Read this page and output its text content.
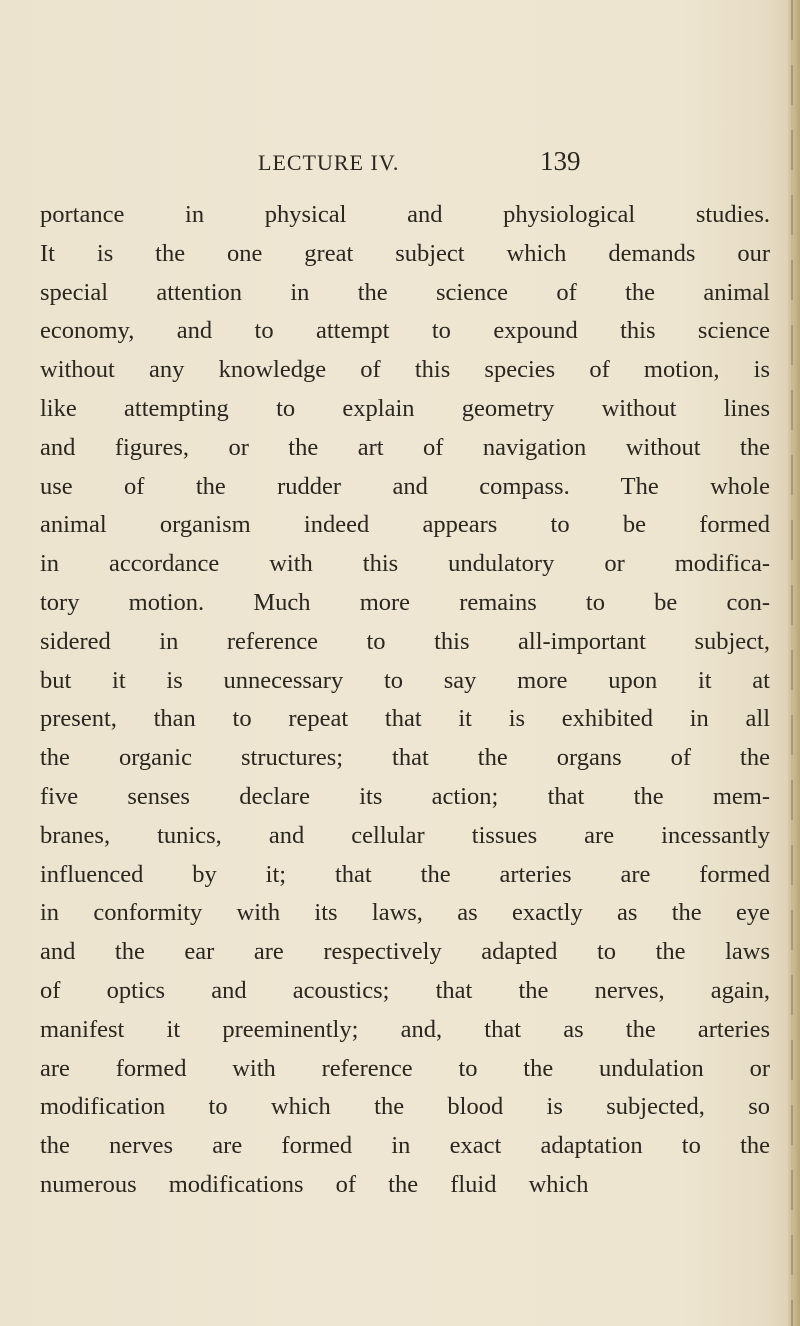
LECTURE IV.	139
portance in physical and physiological studies.
It is the one great subject which demands our
special attention in the science of the animal
economy, and to attempt to expound this science
without any knowledge of this species of motion, is
like attempting to explain geometry without lines
and figures, or the art of navigation without the
use of the rudder and compass. The whole
animal organism indeed appears to be formed
in accordance with this undulatory or modifica-
tory motion. Much more remains to be con-
sidered in reference to this all-important subject,
but it is unnecessary to say more upon it at
present, than to repeat that it is exhibited in all
the organic structures; that the organs of the
five senses declare its action; that the mem-
branes, tunics, and cellular tissues are incessantly
influenced by it; that the arteries are formed
in conformity with its laws, as exactly as the eye
and the ear are respectively adapted to the laws
of optics and acoustics; that the nerves, again,
manifest it preeminently; and, that as the arteries
are formed with reference to the undulation or
modification to which the blood is subjected, so
the nerves are formed in exact adaptation to the
numerous modifications of the fluid which
